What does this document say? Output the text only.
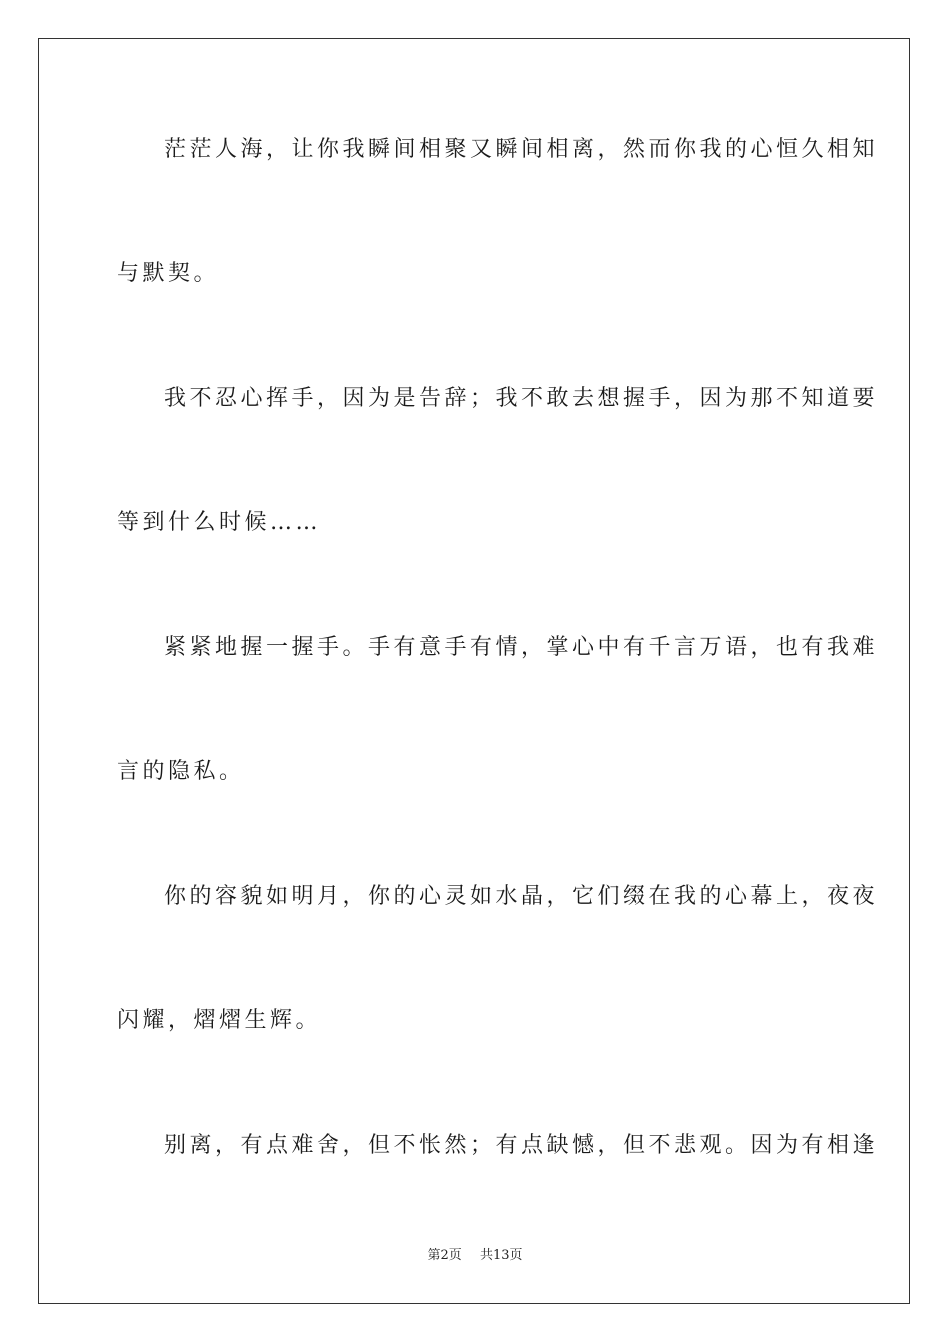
茫茫人海，让你我瞬间相聚又瞬间相离，然而你我的心恒久相知
与默契。
我不忍心挥手，因为是告辞；我不敢去想握手，因为那不知道要
等到什么时候……
紧紧地握一握手。手有意手有情，掌心中有千言万语，也有我难
言的隐私。
你的容貌如明月，你的心灵如水晶，它们缀在我的心幕上，夜夜
闪耀，熠熠生辉。
别离，有点难舍，但不怅然；有点缺憾，但不悲观。因为有相逢
第2页 共13页
